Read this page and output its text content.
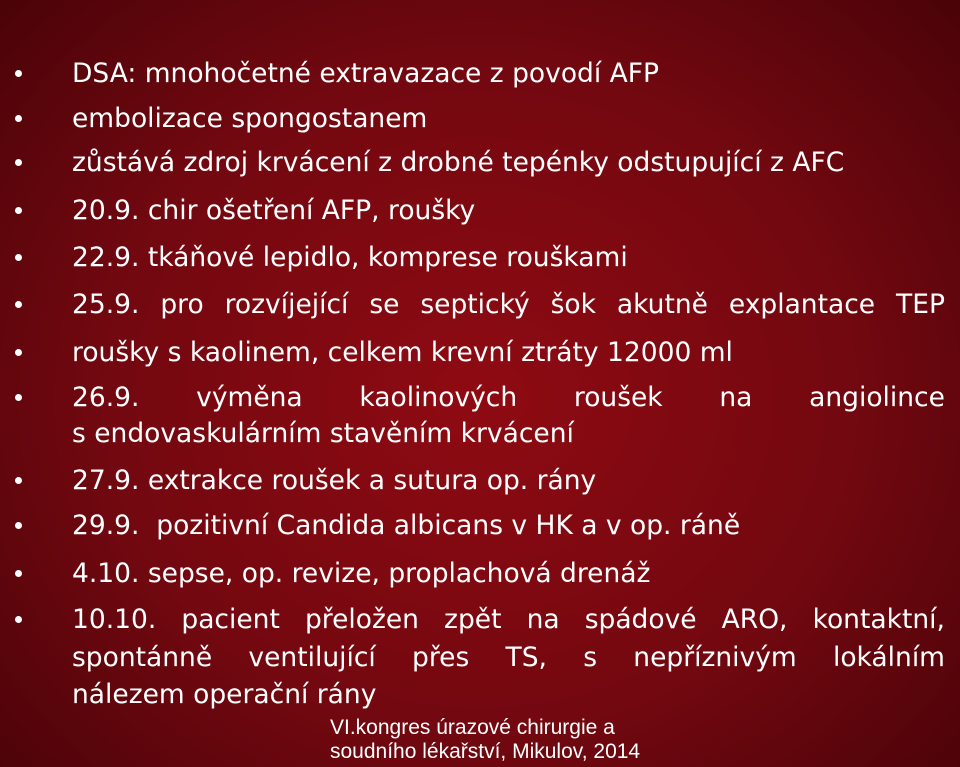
DSA: mnohočetné extravazace z povodí AFP
embolizace spongostanem
zůstává zdroj krvácení z drobné tepénky odstupující z AFC
20.9. chir ošetření AFP, roušky
22.9. tkáňové lepidlo, komprese rouškami
25.9. pro rozvíjející se septický šok akutně explantace TEP
roušky s kaolinem, celkem krevní ztráty 12000 ml
26.9. výměna kaolinových roušek na angiolince
s endovaskulárním stavěním krvácení
27.9. extrakce roušek a sutura op. rány
29.9.  pozitivní Candida albicans v HK a v op. ráně
4.10. sepse, op. revize, proplachová drenáž
10.10. pacient přeložen zpět na spádové ARO, kontaktní,
spontánně ventilující přes TS, s nepříznivým lokálním
nálezem operační rány
VI.kongres úrazové chirurgie a
soudního lékařství, Mikulov, 2014
